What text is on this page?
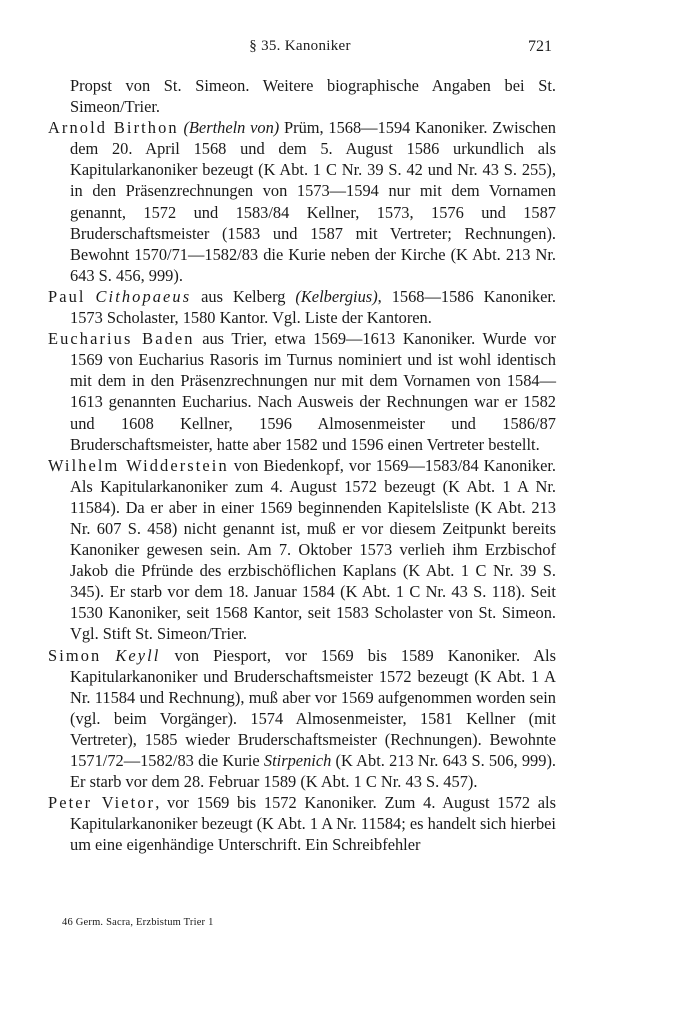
§ 35. Kanoniker	721

Propst von St. Simeon. Weitere biographische Angaben bei St. Simeon/Trier.

Arnold Birthon (Bertheln von) Prüm, 1568—1594 Kanoniker. Zwischen dem 20. April 1568 und dem 5. August 1586 urkundlich als Kapitularkanoniker bezeugt (K Abt. 1 C Nr. 39 S. 42 und Nr. 43 S. 255), in den Präsenzrechnungen von 1573—1594 nur mit dem Vornamen genannt, 1572 und 1583/84 Kellner, 1573, 1576 und 1587 Bruderschaftsmeister (1583 und 1587 mit Vertreter; Rechnungen). Bewohnt 1570/71—1582/83 die Kurie neben der Kirche (K Abt. 213 Nr. 643 S. 456, 999).

Paul Cithopaeus aus Kelberg (Kelbergius), 1568—1586 Kanoniker. 1573 Scholaster, 1580 Kantor. Vgl. Liste der Kantoren.

Eucharius Baden aus Trier, etwa 1569—1613 Kanoniker. Wurde vor 1569 von Eucharius Rasoris im Turnus nominiert und ist wohl identisch mit dem in den Präsenzrechnungen nur mit dem Vornamen von 1584—1613 genannten Eucharius. Nach Ausweis der Rechnungen war er 1582 und 1608 Kellner, 1596 Almosenmeister und 1586/87 Bruderschaftsmeister, hatte aber 1582 und 1596 einen Vertreter bestellt.

Wilhelm Widderstein von Biedenkopf, vor 1569—1583/84 Kanoniker. Als Kapitularkanoniker zum 4. August 1572 bezeugt (K Abt. 1 A Nr. 11584). Da er aber in einer 1569 beginnenden Kapitelsliste (K Abt. 213 Nr. 607 S. 458) nicht genannt ist, muß er vor diesem Zeitpunkt bereits Kanoniker gewesen sein. Am 7. Oktober 1573 verlieh ihm Erzbischof Jakob die Pfründe des erzbischöflichen Kaplans (K Abt. 1 C Nr. 39 S. 345). Er starb vor dem 18. Januar 1584 (K Abt. 1 C Nr. 43 S. 118). Seit 1530 Kanoniker, seit 1568 Kantor, seit 1583 Scholaster von St. Simeon. Vgl. Stift St. Simeon/Trier.

Simon Keyll von Piesport, vor 1569 bis 1589 Kanoniker. Als Kapitularkanoniker und Bruderschaftsmeister 1572 bezeugt (K Abt. 1 A Nr. 11584 und Rechnung), muß aber vor 1569 aufgenommen worden sein (vgl. beim Vorgänger). 1574 Almosenmeister, 1581 Kellner (mit Vertreter), 1585 wieder Bruderschaftsmeister (Rechnungen). Bewohnte 1571/72—1582/83 die Kurie Stirpenich (K Abt. 213 Nr. 643 S. 506, 999). Er starb vor dem 28. Februar 1589 (K Abt. 1 C Nr. 43 S. 457).

Peter Vietor, vor 1569 bis 1572 Kanoniker. Zum 4. August 1572 als Kapitularkanoniker bezeugt (K Abt. 1 A Nr. 11584; es handelt sich hierbei um eine eigenhändige Unterschrift. Ein Schreibfehler

46 Germ. Sacra, Erzbistum Trier 1
